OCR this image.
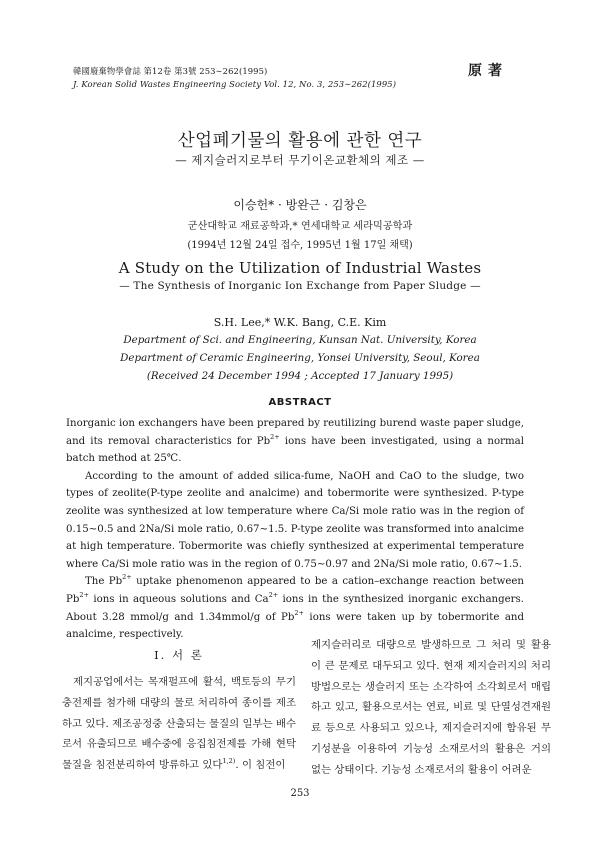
韓國廢棄物學會誌 第12卷 第3號 253∼262(1995)
J. Korean Solid Wastes Engineering Society Vol. 12, No. 3, 253∼262(1995)
原著
산업폐기물의 활용에 관한 연구
— 제지슬러지로부터 무기이온교환체의 제조 —
이승헌* · 방완근 · 김창은
군산대학교 재료공학과,* 연세대학교 세라믹공학과
(1994년 12월 24일 접수, 1995년 1월 17일 채택)
A Study on the Utilization of Industrial Wastes
— The Synthesis of Inorganic Ion Exchange from Paper Sludge —
S.H. Lee,* W.K. Bang, C.E. Kim
Department of Sci. and Engineering, Kunsan Nat. University, Korea
Department of Ceramic Engineering, Yonsei University, Seoul, Korea
(Received 24 December 1994 ; Accepted 17 January 1995)
ABSTRACT

Inorganic ion exchangers have been prepared by reutilizing burend waste paper sludge, and its removal characteristics for $Pb^{2+}$ ions have been investigated, using a normal batch method at 25℃.

According to the amount of added silica-fume, NaOH and CaO to the sludge, two types of zeolite(P-type zeolite and analcime) and tobermorite were synthesized. P-type zeolite was synthesized at low temperature where Ca/Si mole ratio was in the region of 0.15∼0.5 and 2Na/Si mole ratio, 0.67∼1.5. P-type zeolite was transformed into analcime at high temperature. Tobermorite was chiefly synthesized at experimental temperature where Ca/Si mole ratio was in the region of 0.75∼0.97 and 2Na/Si mole ratio, 0.67∼1.5.

The $Pb^{2+}$ uptake phenomenon appeared to be a cation–exchange reaction between $Pb^{2+}$ ions in aqueous solutions and $Ca^{2+}$ ions in the synthesized inorganic exchangers. About 3.28 mmol/g and 1.34mmol/g of $Pb^{2+}$ ions were taken up by tobermorite and analcime, respectively.

I. 서 론

제지공업에서는 목재펄프에 활석, 백토등의 무기충전제를 첨가해 대량의 물로 처리하여 종이를 제조하고 있다. 제조공정중 산출되는 물질의 일부는 배수로서 유출되므로 배수중에 응집침전제를 가해 현탁물질을 침전분리하여 방류하고 있다$^{1,2)}$. 이 침전이

제지슬러리로 대량으로 발생하므로 그 처리 및 활용이 큰 문제로 대두되고 있다. 현재 제지슬러지의 처리방법으로는 생슬러지 또는 소각하여 소각회로서 매립하고 있고, 활용으로서는 연료, 비료 및 단열성견재원료 등으로 사용되고 있으나, 제지슬러지에 함유된 무기성분을 이용하여 기능성 소재로서의 활용은 거의 없는 상태이다. 기능성 소재로서의 활용이 어려운

253
